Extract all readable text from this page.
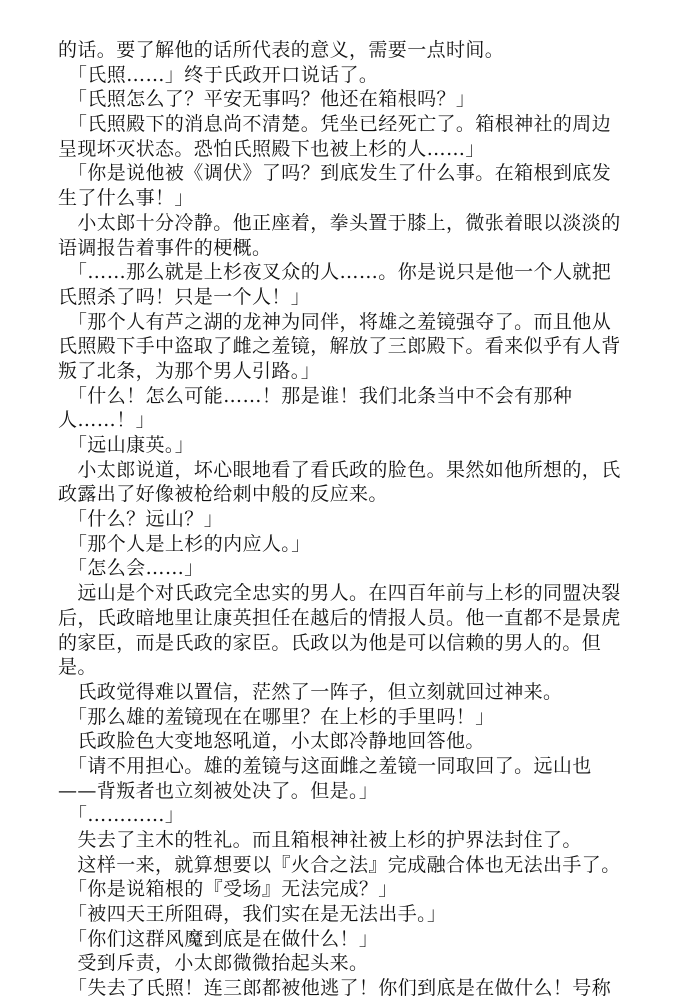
的话。要了解他的话所代表的意义，需要一点时间。
　「氏照……」终于氏政开口说话了。
　「氏照怎么了？平安无事吗？他还在箱根吗？」
　「氏照殿下的消息尚不清楚。凭坐已经死亡了。箱根神社的周边
呈现坏灭状态。恐怕氏照殿下也被上杉的人……」
　「你是说他被《调伏》了吗？到底发生了什么事。在箱根到底发
生了什么事！」
　小太郎十分冷静。他正座着，拳头置于膝上，微张着眼以淡淡的
语调报告着事件的梗概。
　「……那么就是上杉夜叉众的人……。你是说只是他一个人就把
氏照杀了吗！只是一个人！」
　「那个人有芦之湖的龙神为同伴，将雄之羞镜强夺了。而且他从
氏照殿下手中盗取了雌之羞镜，解放了三郎殿下。看来似乎有人背
叛了北条，为那个男人引路。」
　「什么！怎么可能……！那是谁！我们北条当中不会有那种
人……！」
　「远山康英。」
　小太郎说道，坏心眼地看了看氏政的脸色。果然如他所想的，氏
政露出了好像被枪给刺中般的反应来。
　「什么？远山？」
　「那个人是上杉的内应人。」
　「怎么会……」
　远山是个对氏政完全忠实的男人。在四百年前与上杉的同盟决裂
后，氏政暗地里让康英担任在越后的情报人员。他一直都不是景虎
的家臣，而是氏政的家臣。氏政以为他是可以信赖的男人的。但
是。
　氏政觉得难以置信，茫然了一阵子，但立刻就回过神来。
　「那么雄的羞镜现在在哪里？在上杉的手里吗！」
　氏政脸色大变地怒吼道，小太郎冷静地回答他。
　「请不用担心。雄的羞镜与这面雌之羞镜一同取回了。远山也
——背叛者也立刻被处决了。但是。」
　「…………」
　失去了主木的牲礼。而且箱根神社被上杉的护界法封住了。
　这样一来，就算想要以『火合之法』完成融合体也无法出手了。
　「你是说箱根的『受场』无法完成？」
　「被四天王所阻碍，我们实在是无法出手。」
　「你们这群风魔到底是在做什么！」
　受到斥责，小太郎微微抬起头来。
　「失去了氏照！连三郎都被他逃了！你们到底是在做什么！号称
